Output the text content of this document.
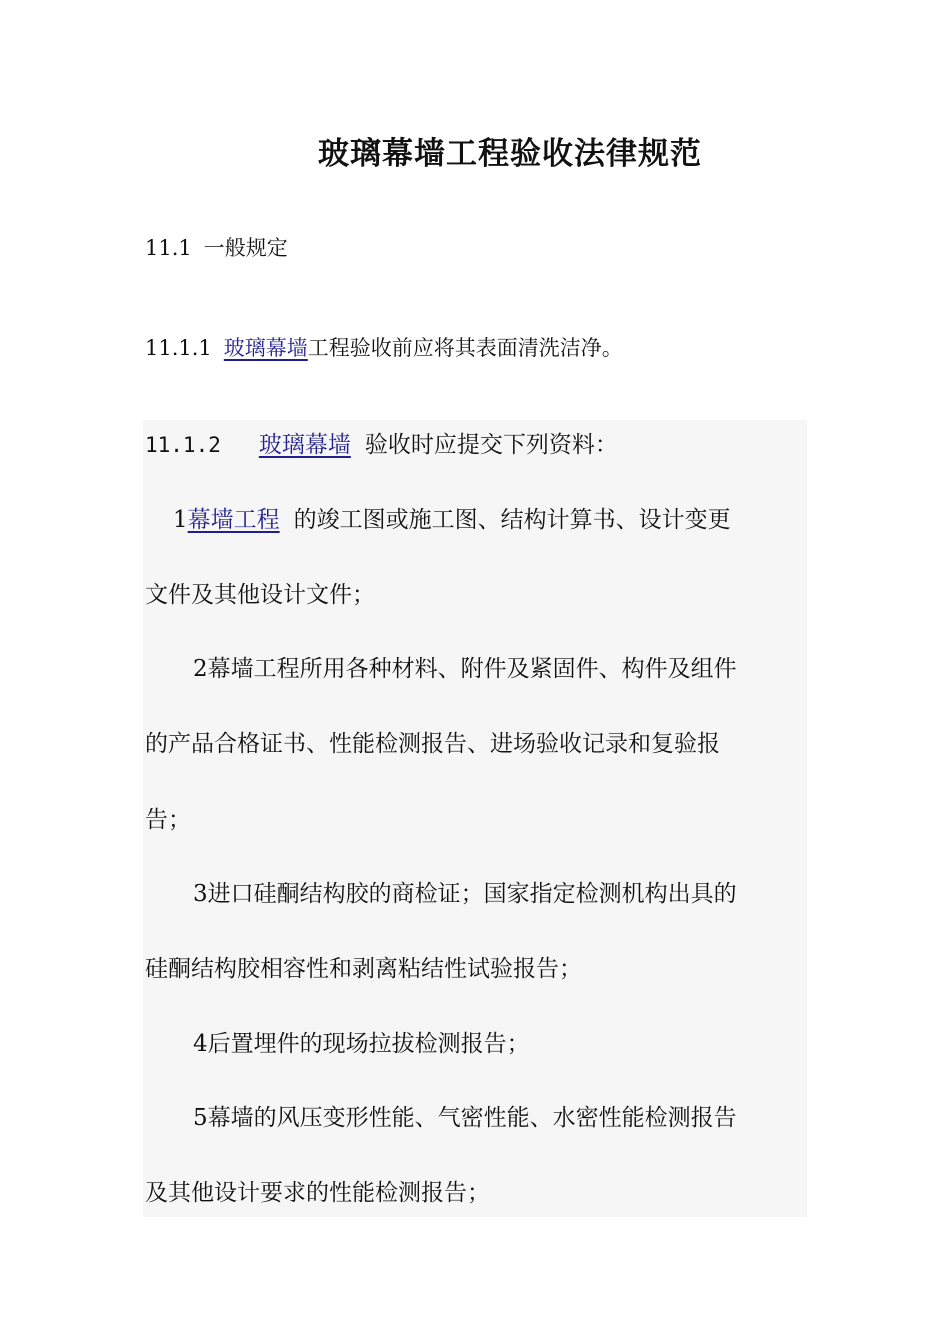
玻璃幕墙工程验收法律规范

11.1 一般规定

11.1.1 玻璃幕墙工程验收前应将其表面清洗洁净。

11.1.2 玻璃幕墙 验收时应提交下列资料：

1幕墙工程 的竣工图或施工图、结构计算书、设计变更

文件及其他设计文件；

2幕墙工程所用各种材料、附件及紧固件、构件及组件

的产品合格证书、性能检测报告、进场验收记录和复验报

告；

3进口硅酮结构胶的商检证；国家指定检测机构出具的

硅酮结构胶相容性和剥离粘结性试验报告；

4后置埋件的现场拉拔检测报告；

5幕墙的风压变形性能、气密性能、水密性能检测报告

及其他设计要求的性能检测报告；
